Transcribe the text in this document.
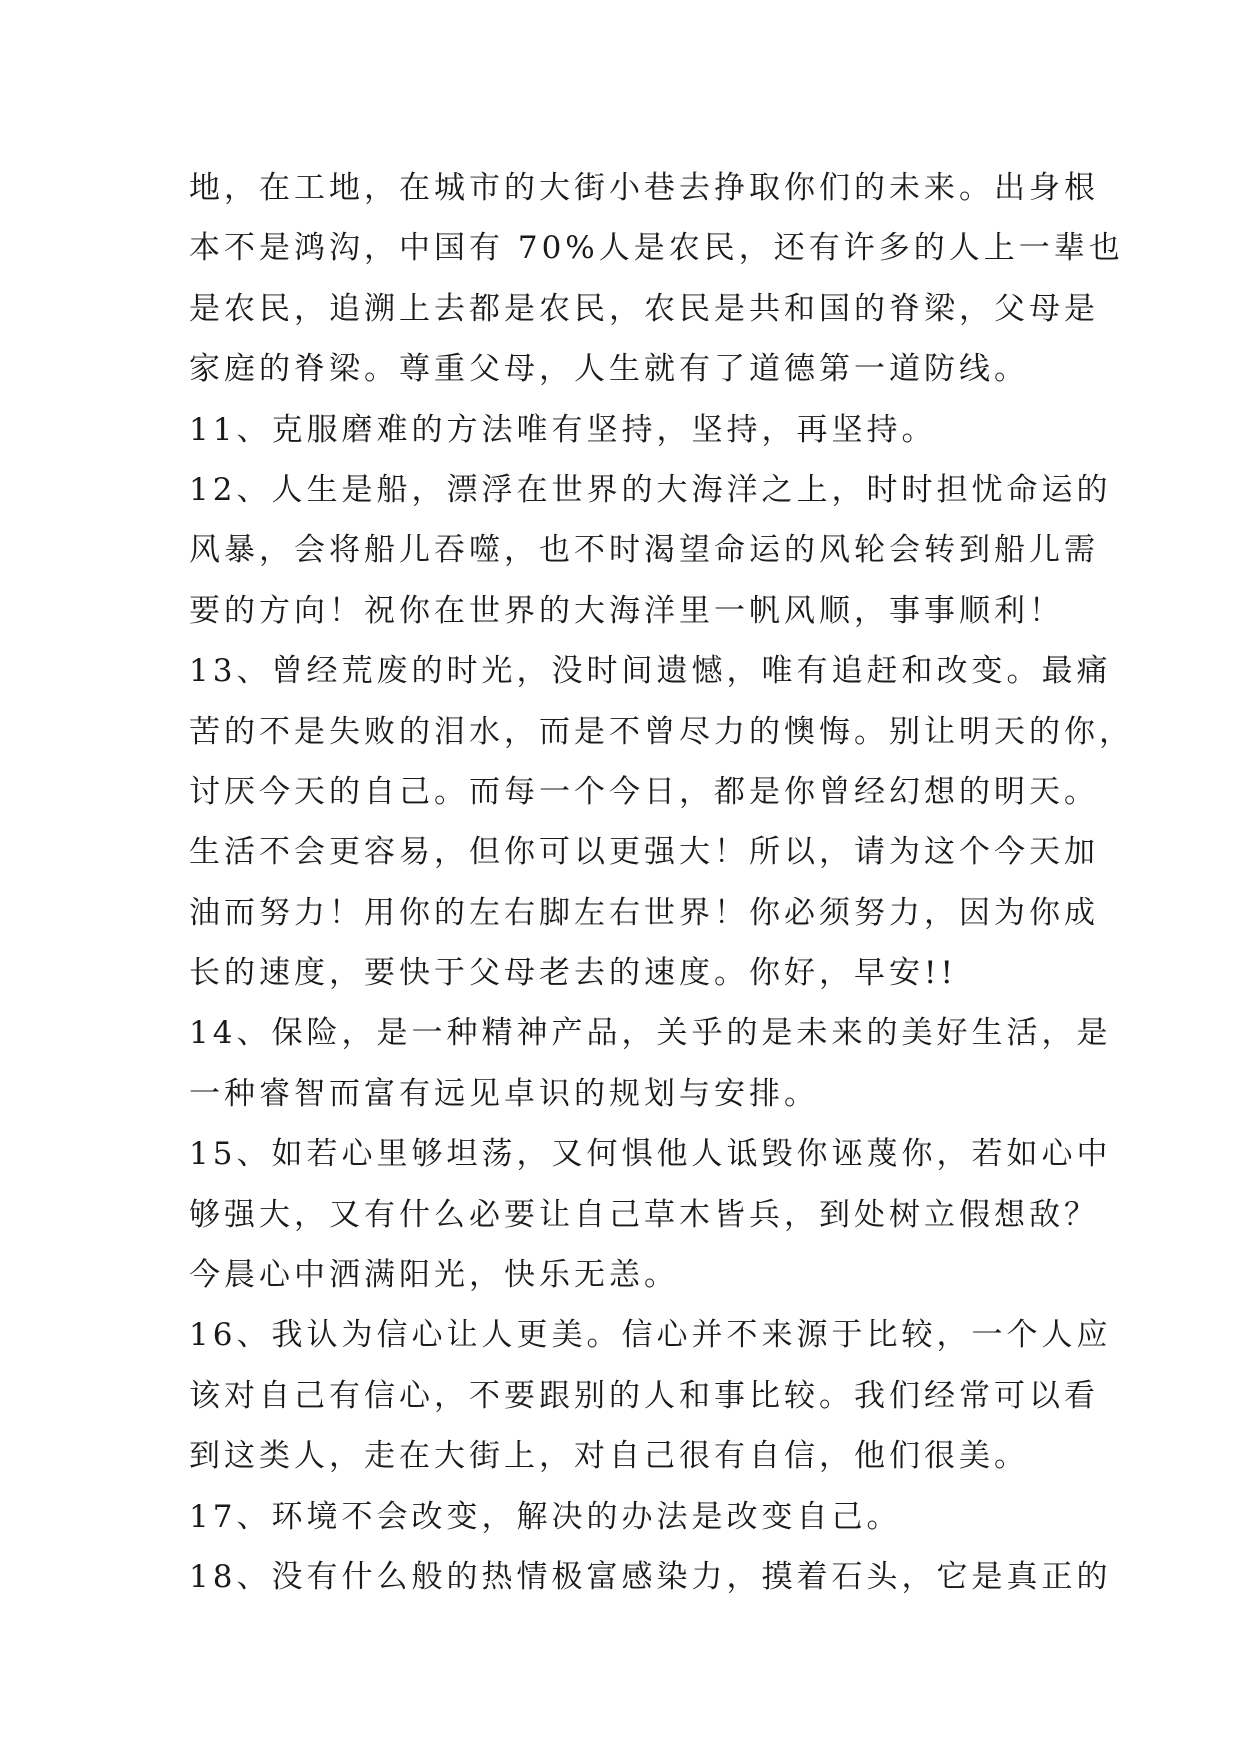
地，在工地，在城市的大街小巷去挣取你们的未来。出身根
本不是鸿沟，中国有 70%人是农民，还有许多的人上一辈也
是农民，追溯上去都是农民，农民是共和国的脊梁，父母是
家庭的脊梁。尊重父母，人生就有了道德第一道防线。
11、克服磨难的方法唯有坚持，坚持，再坚持。
12、人生是船，漂浮在世界的大海洋之上，时时担忧命运的
风暴，会将船儿吞噬，也不时渴望命运的风轮会转到船儿需
要的方向！祝你在世界的大海洋里一帆风顺，事事顺利！
13、曾经荒废的时光，没时间遗憾，唯有追赶和改变。最痛
苦的不是失败的泪水，而是不曾尽力的懊悔。别让明天的你，
讨厌今天的自己。而每一个今日，都是你曾经幻想的明天。
生活不会更容易，但你可以更强大！所以，请为这个今天加
油而努力！用你的左右脚左右世界！你必须努力，因为你成
长的速度，要快于父母老去的速度。你好，早安!!
14、保险，是一种精神产品，关乎的是未来的美好生活，是
一种睿智而富有远见卓识的规划与安排。
15、如若心里够坦荡，又何惧他人诋毁你诬蔑你，若如心中
够强大，又有什么必要让自己草木皆兵，到处树立假想敌？
今晨心中洒满阳光，快乐无恙。
16、我认为信心让人更美。信心并不来源于比较，一个人应
该对自己有信心，不要跟别的人和事比较。我们经常可以看
到这类人，走在大街上，对自己很有自信，他们很美。
17、环境不会改变，解决的办法是改变自己。
18、没有什么般的热情极富感染力，摸着石头，它是真正的
